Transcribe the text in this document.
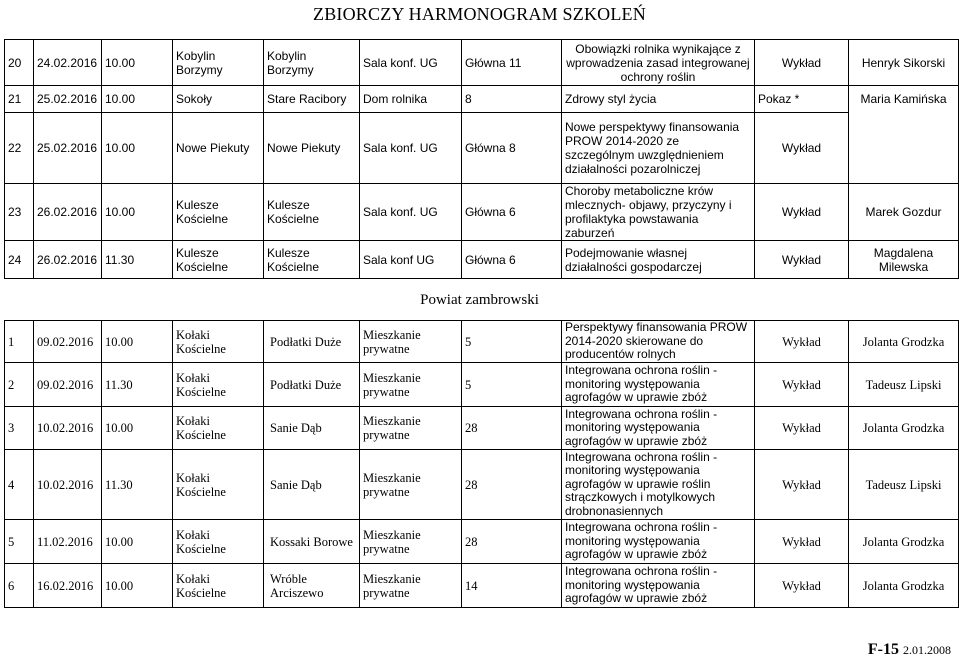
ZBIORCZY HARMONOGRAM SZKOLEŃ
20	24.02.2016	10.00	Kobylin Borzymy	Kobylin Borzymy	Sala konf. UG	Główna 11	Obowiązki rolnika wynikające z wprowadzenia zasad integrowanej ochrony roślin	Wykład	Henryk Sikorski
21	25.02.2016	10.00	Sokoły	Stare Racibory	Dom rolnika	8	Zdrowy styl życia	Pokaz *	Maria Kamińska
22	25.02.2016	10.00	Nowe Piekuty	Nowe Piekuty	Sala konf. UG	Główna 8	Nowe perspektywy finansowania PROW 2014-2020 ze szczególnym uwzględnieniem działalności pozarolniczej	Wykład	
23	26.02.2016	10.00	Kulesze Kościelne	Kulesze Kościelne	Sala konf. UG	Główna 6	Choroby metaboliczne krów mlecznych- objawy, przyczyny i profilaktyka powstawania zaburzeń	Wykład	Marek Gozdur
24	26.02.2016	11.30	Kulesze Kościelne	Kulesze Kościelne	Sala konf UG	Główna 6	Podejmowanie własnej działalności gospodarczej	Wykład	Magdalena Milewska
Powiat zambrowski
1	09.02.2016	10.00	Kołaki Kościelne	Podłatki Duże	Mieszkanie prywatne	5	Perspektywy finansowania PROW 2014-2020 skierowane do producentów rolnych	Wykład	Jolanta Grodzka
2	09.02.2016	11.30	Kołaki Kościelne	Podłatki Duże	Mieszkanie prywatne	5	Integrowana ochrona roślin - monitoring występowania agrofagów w uprawie zbóż	Wykład	Tadeusz Lipski
3	10.02.2016	10.00	Kołaki Kościelne	Sanie Dąb	Mieszkanie prywatne	28	Integrowana ochrona roślin - monitoring występowania agrofagów w uprawie zbóż	Wykład	Jolanta Grodzka
4	10.02.2016	11.30	Kołaki Kościelne	Sanie Dąb	Mieszkanie prywatne	28	Integrowana ochrona roślin - monitoring występowania agrofagów w uprawie roślin strączkowych i motylkowych drobnonasiennych	Wykład	Tadeusz Lipski
5	11.02.2016	10.00	Kołaki Kościelne	Kossaki Borowe	Mieszkanie prywatne	28	Integrowana ochrona roślin - monitoring występowania agrofagów w uprawie zbóż	Wykład	Jolanta Grodzka
6	16.02.2016	10.00	Kołaki Kościelne	Wróble Arciszewo	Mieszkanie prywatne	14	Integrowana ochrona roślin - monitoring występowania agrofagów w uprawie zbóż	Wykład	Jolanta Grodzka
F-15 2.01.2008
